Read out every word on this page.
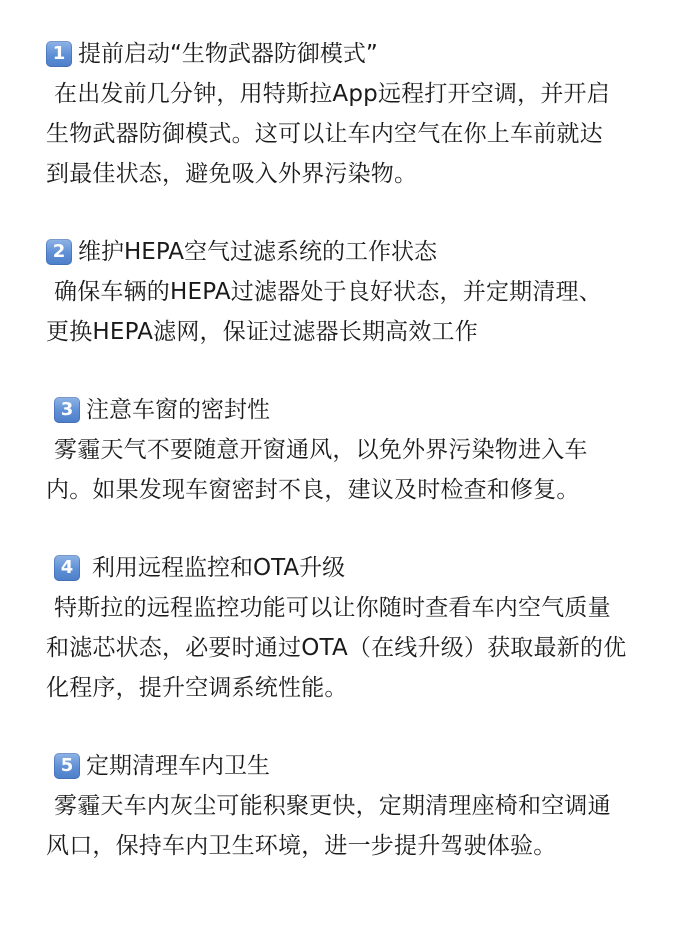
1 提前启动“生物武器防御模式”
在出发前几分钟，用特斯拉App远程打开空调，并开启
生物武器防御模式。这可以让车内空气在你上车前就达
到最佳状态，避免吸入外界污染物。
2 维护HEPA空气过滤系统的工作状态
确保车辆的HEPA过滤器处于良好状态，并定期清理、
更换HEPA滤网，保证过滤器长期高效工作
3 注意车窗的密封性
雾霾天气不要随意开窗通风，以免外界污染物进入车
内。如果发现车窗密封不良，建议及时检查和修复。
4 利用远程监控和OTA升级
特斯拉的远程监控功能可以让你随时查看车内空气质量
和滤芯状态，必要时通过OTA（在线升级）获取最新的优
化程序，提升空调系统性能。
5 定期清理车内卫生
雾霾天车内灰尘可能积聚更快，定期清理座椅和空调通
风口，保持车内卫生环境，进一步提升驾驶体验。
